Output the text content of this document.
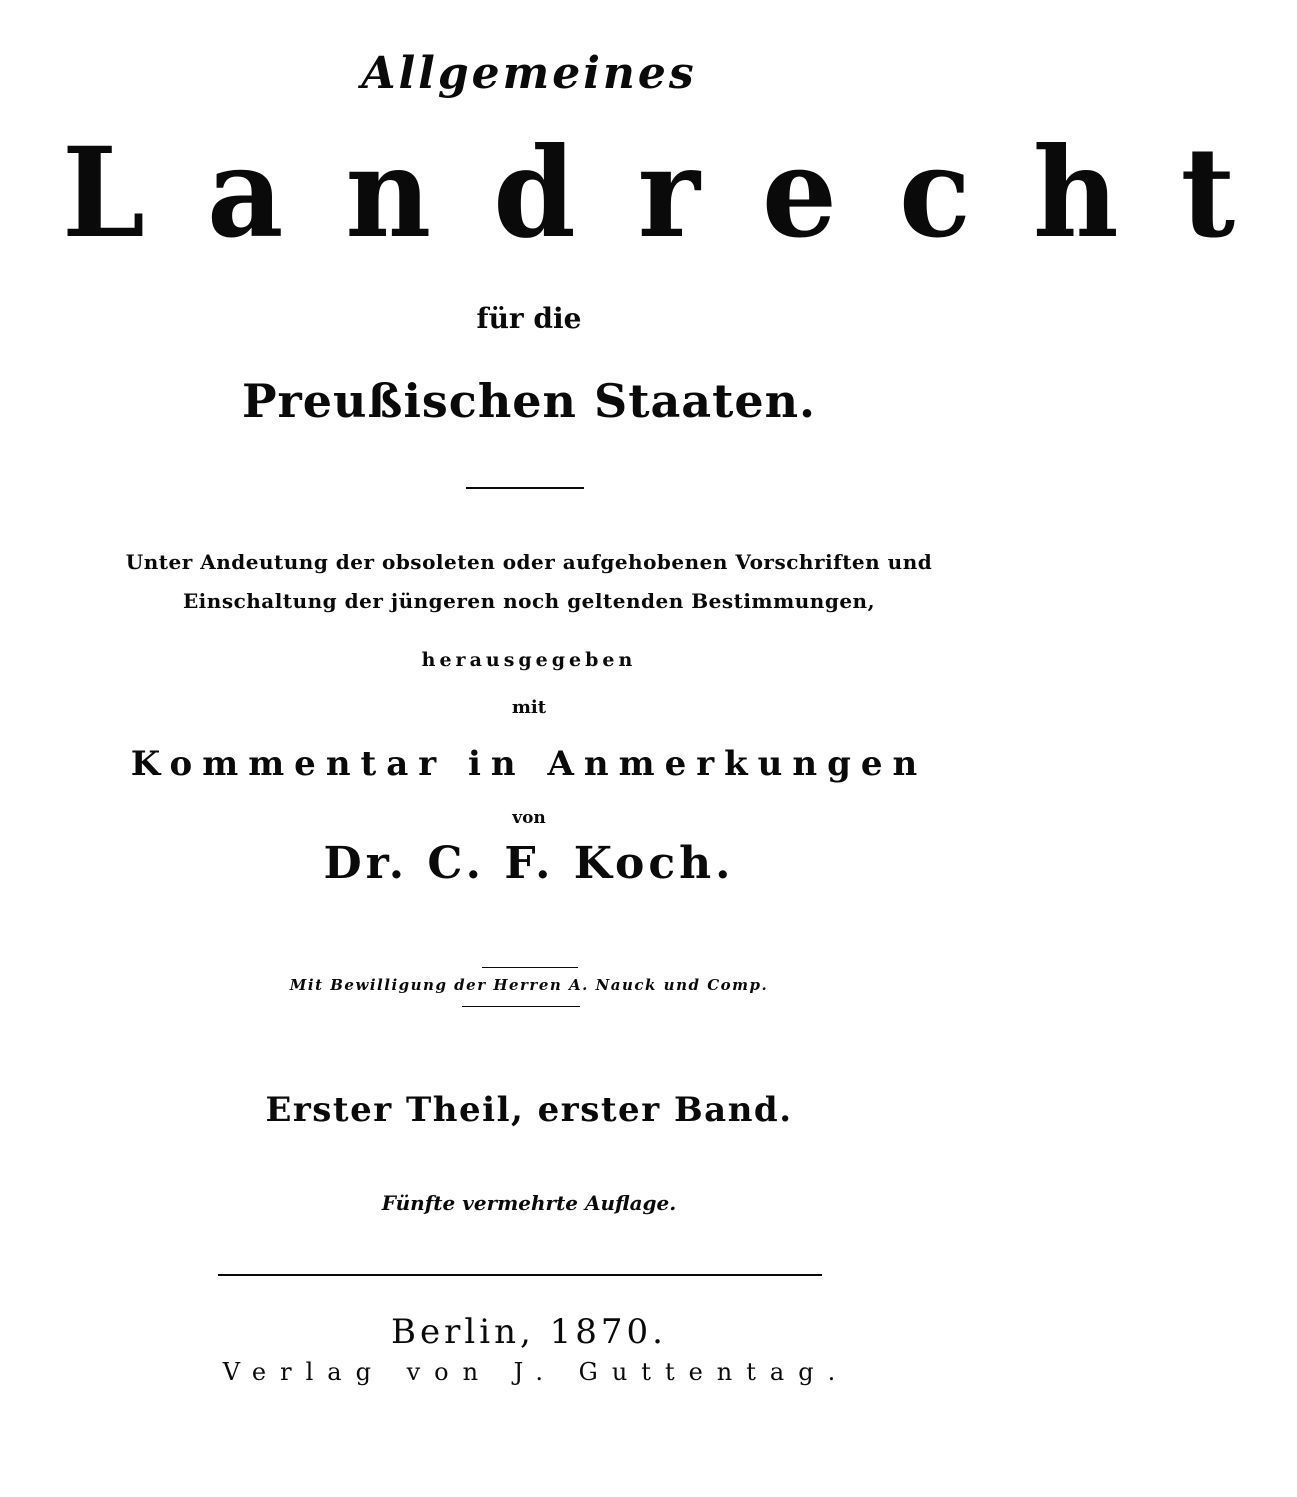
Allgemeines
Landrecht
für die
Preußischen Staaten.
Unter Andeutung der obsoleten oder aufgehobenen Vorschriften und
Einschaltung der jüngeren noch geltenden Bestimmungen,
herausgegeben
mit
Kommentar in Anmerkungen
von
Dr. C. F. Koch.
Mit Bewilligung der Herren A. Nauck und Comp.
Erster Theil, erster Band.
Fünfte vermehrte Auflage.
Berlin, 1870.
Verlag von J. Guttentag.
